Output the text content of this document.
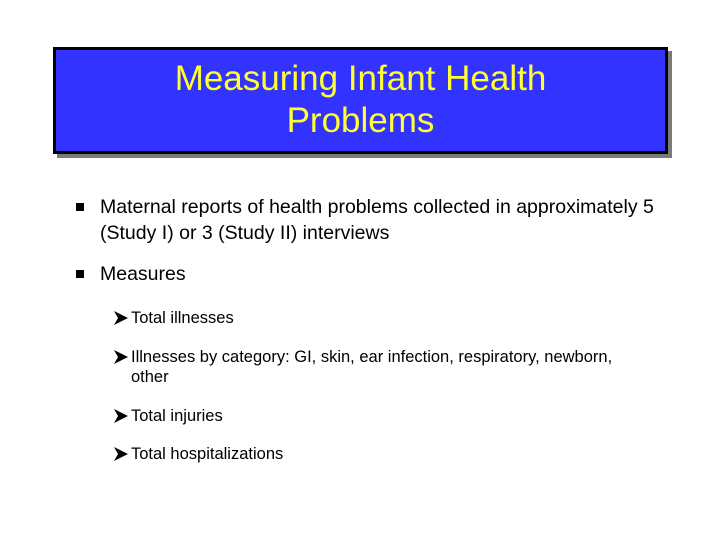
Measuring Infant Health
Problems
Maternal reports of health problems collected in approximately 5 (Study I) or 3 (Study II) interviews
Measures
Total illnesses
Illnesses by category: GI, skin, ear infection, respiratory, newborn, other
Total injuries
Total hospitalizations
